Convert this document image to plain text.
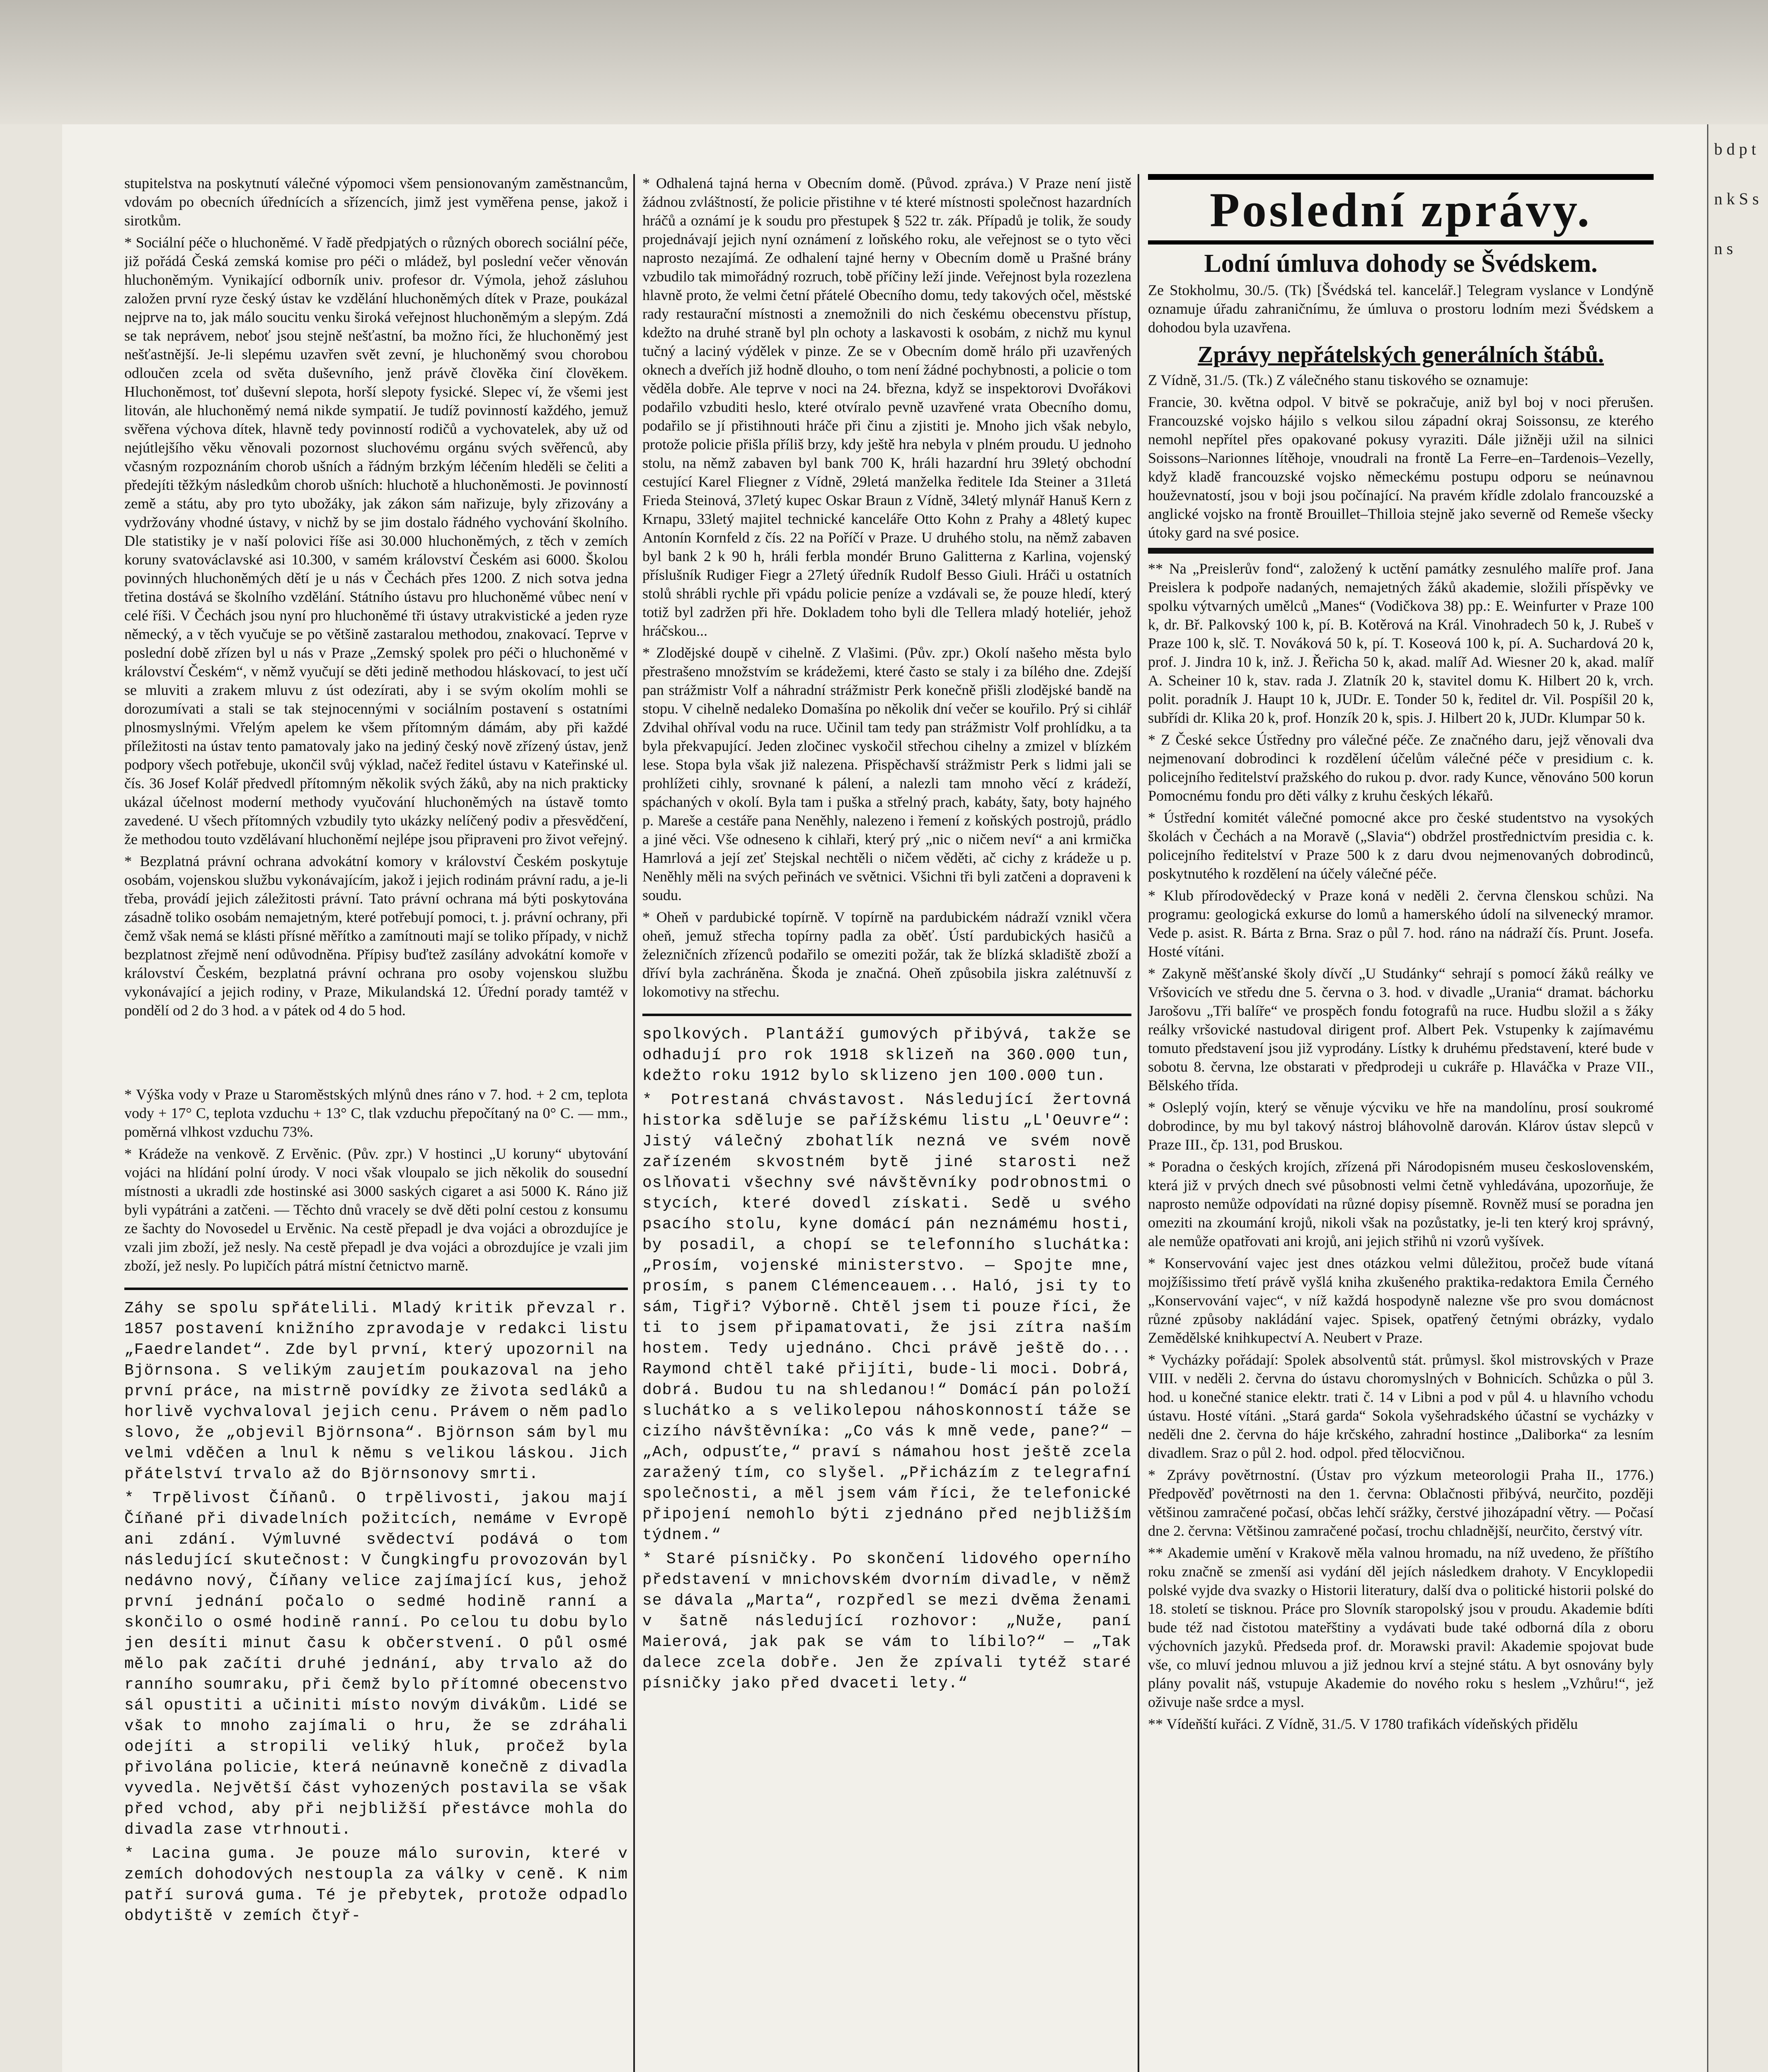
stupitelstva na poskytnutí válečné výpomoci všem pensionovaným zaměstnancům, vdovám po obecních úřednících a sřízencích, jimž jest vyměřena pense, jakož i sirotkům.

* Sociální péče o hluchoněmé. V řadě předpjatých o různých oborech sociální péče, již pořádá Česká zemská komise pro péči o mládež, byl poslední večer věnován hluchoněmým. Vynikající odborník univ. profesor dr. Výmola, jehož zásluhou založen první ryze český ústav ke vzdělání hluchoněmých dítek v Praze, poukázal nejprve na to, jak málo soucitu venku široká veřejnost hluchoněmým a slepým. Zdá se tak neprávem, neboť jsou stejně nešťastní, ba možno říci, že hluchoněmý jest nešťastnější. Je-li slepému uzavřen svět zevní, je hluchoněmý svou chorobou odloučen zcela od světa duševního, jenž právě člověka činí člověkem. Hluchoněmost, toť duševní slepota, horší slepoty fysické. Slepec ví, že všemi jest litován, ale hluchoněmý nemá nikde sympatií. Je tudíž povinností každého, jemuž svěřena výchova dítek, hlavně tedy povinností rodičů a vychovatelek, aby už od nejútlejšího věku věnovali pozornost sluchovému orgánu svých svěřenců, aby včasným rozpoznáním chorob ušních a řádným brzkým léčením hleděli se čeliti a předejíti těžkým následkům chorob ušních: hluchotě a hluchoněmosti. Je povinností země a státu, aby pro tyto ubožáky, jak zákon sám nařizuje, byly zřizovány a vydržovány vhodné ústavy, v nichž by se jim dostalo řádného vychování školního. Dle statistiky je v naší polovici říše asi 30.000 hluchoněmých, z těch v zemích koruny svatováclavské asi 10.300, v samém království Českém asi 6000. Školou povinných hluchoněmých dětí je u nás v Čechách přes 1200. Z nich sotva jedna třetina dostává se školního vzdělání. Státního ústavu pro hluchoněmé vůbec není v celé říši. V Čechách jsou nyní pro hluchoněmé tři ústavy utrakvistické a jeden ryze německý, a v těch vyučuje se po většině zastaralou methodou, znakovací. Teprve v poslední době zřízen byl u nás v Praze „Zemský spolek pro péči o hluchoněmé v království Českém“, v němž vyučují se děti jedině methodou hláskovací, to jest učí se mluviti a zrakem mluvu z úst odezírati, aby i se svým okolím mohli se dorozumívati a stali se tak stejnocennými v sociálním postavení s ostatními plnosmyslnými. Vřelým apelem ke všem přítomným dámám, aby při každé příležitosti na ústav tento pamatovaly jako na jediný český nově zřízený ústav, jenž podpory všech potřebuje, ukončil svůj výklad, načež ředitel ústavu v Kateřinské ul. čís. 36 Josef Kolář předvedl přítomným několik svých žáků, aby na nich prakticky ukázal účelnost moderní methody vyučování hluchoněmých na ústavě tomto zavedené. U všech přítomných vzbudily tyto ukázky nelíčený podiv a přesvědčení, že methodou touto vzdělávaní hluchoněmí nejlépe jsou připraveni pro život veřejný.

* Bezplatná právní ochrana advokátní komory v království Českém poskytuje osobám, vojenskou službu vykonávajícím, jakož i jejich rodinám právní radu, a je-li třeba, provádí jejich záležitosti právní. Tato právní ochrana má býti poskytována zásadně toliko osobám nemajetným, které potřebují pomoci, t. j. právní ochrany, při čemž však nemá se klásti přísné měřítko a zamítnouti mají se toliko případy, v nichž bezplatnost zřejmě není odůvodněna. Přípisy buďtež zasílány advokátní komoře v království Českém, bezplatná právní ochrana pro osoby vojenskou službu vykonávající a jejich rodiny, v Praze, Mikulandská 12. Úřední porady tamtéž v pondělí od 2 do 3 hod. a v pátek od 4 do 5 hod.

* Výška vody v Praze u Staroměstských mlýnů dnes ráno v 7. hod. + 2 cm, teplota vody + 17° C, teplota vzduchu + 13° C, tlak vzduchu přepočítaný na 0° C. — mm., poměrná vlhkost vzduchu 73%.

* Krádeže na venkově. Z Ervěnic. (Pův. zpr.) V hostinci „U koruny“ ubytování vojáci na hlídání polní úrody. V noci však vloupalo se jich několik do sousední místnosti a ukradli zde hostinské asi 3000 saských cigaret a asi 5000 K. Ráno již byli vypátráni a zatčeni. — Těchto dnů vracely se dvě děti polní cestou z konsumu ze šachty do Novosedel u Ervěnic. Na cestě přepadl je dva vojáci a obrozdujíce je vzali jim zboží, jež nesly. Na cestě přepadl je dva vojáci a obrozdujíce je vzali jim zboží, jež nesly. Po lupičích pátrá místní četnictvo marně.

Záhy se spolu spřátelili. Mladý kritik převzal r. 1857 postavení knižního zpravodaje v redakci listu „Faedrelandet“. Zde byl první, který upozornil na Björnsona. S velikým zaujetím poukazoval na jeho první práce, na mistrně povídky ze života sedláků a horlivě vychvaloval jejich cenu. Právem o něm padlo slovo, že „objevil Björnsona“. Björnson sám byl mu velmi vděčen a lnul k němu s velikou láskou. Jich přátelství trvalo až do Björnsonovy smrti.

* Trpělivost Číňanů. O trpělivosti, jakou mají Číňané při divadelních požitcích, nemáme v Evropě ani zdání. Výmluvné svědectví podává o tom následující skutečnost: V Čungkingfu provozován byl nedávno nový, Číňany velice zajímající kus, jehož první jednání počalo o sedmé hodině ranní a skončilo o osmé hodině ranní. Po celou tu dobu bylo jen desíti minut času k občerstvení. O půl osmé mělo pak začíti druhé jednání, aby trvalo až do ranního soumraku, při čemž bylo přítomné obecenstvo sál opustiti a učiniti místo novým divákům. Lidé se však to mnoho zajímali o hru, že se zdráhali odejíti a stropili veliký hluk, pročež byla přivolána policie, která neúnavně konečně z divadla vyvedla. Největší část vyhozených postavila se však před vchod, aby při nejbližší přestávce mohla do divadla zase vtrhnouti.

* Lacina guma. Je pouze málo surovin, které v zemích dohodových nestoupla za války v ceně. K nim patří surová guma. Té je přebytek, protože odpadlo obdytiště v zemích čtyř-

* Odhalená tajná herna v Obecním domě. (Původ. zpráva.) V Praze není jistě žádnou zvláštností, že policie přistihne v té které místnosti společnost hazardních hráčů a oznámí je k soudu pro přestupek § 522 tr. zák. Případů je tolik, že soudy projednávají jejich nyní oznámení z loňského roku, ale veřejnost se o tyto věci naprosto nezajímá. Ze odhalení tajné herny v Obecním domě u Prašné brány vzbudilo tak mimořádný rozruch, tobě příčiny leží jinde. Veřejnost byla rozezlena hlavně proto, že velmi četní přátelé Obecního domu, tedy takových očel, městské rady restaurační místnosti a znemožnili do nich českému obecenstvu přístup, kdežto na druhé straně byl pln ochoty a laskavosti k osobám, z nichž mu kynul tučný a laciný výdělek v pinze. Ze se v Obecním domě hrálo při uzavřených oknech a dveřích již hodně dlouho, o tom není žádné pochybnosti, a policie o tom věděla dobře. Ale teprve v noci na 24. března, když se inspektorovi Dvořákovi podařilo vzbuditi heslo, které otvíralo pevně uzavřené vrata Obecního domu, podařilo se jí přistihnouti hráče při činu a zjistiti je. Mnoho jich však nebylo, protože policie přišla příliš brzy, kdy ještě hra nebyla v plném proudu. U jednoho stolu, na němž zabaven byl bank 700 K, hráli hazardní hru 39letý obchodní cestující Karel Fliegner z Vídně, 29letá manželka ředitele Ida Steiner a 31letá Frieda Steinová, 37letý kupec Oskar Braun z Vídně, 34letý mlynář Hanuš Kern z Krnapu, 33letý majitel technické kanceláře Otto Kohn z Prahy a 48letý kupec Antonín Kornfeld z čís. 22 na Poříčí v Praze. U druhého stolu, na němž zabaven byl bank 2 k 90 h, hráli ferbla mondér Bruno Galitterna z Karlina, vojenský příslušník Rudiger Fiegr a 27letý úředník Rudolf Besso Giuli. Hráči u ostatních stolů shrábli rychle při vpádu policie peníze a vzdávali se, že pouze hledí, který totiž byl zadržen při hře. Dokladem toho byli dle Tellera mladý hoteliér, jehož hráčskou...

* Zlodějské doupě v cihelně. Z Vlašimi. (Pův. zpr.) Okolí našeho města bylo přestrašeno množstvím se krádežemi, které často se staly i za bílého dne. Zdejší pan strážmistr Volf a náhradní strážmistr Perk konečně přišli zlodějské bandě na stopu. V cihelně nedaleko Domašína po několik dní večer se kouřilo. Prý si cihlář Zdvihal ohříval vodu na ruce. Učinil tam tedy pan strážmistr Volf prohlídku, a ta byla překvapující. Jeden zločinec vyskočil střechou cihelny a zmizel v blízkém lese. Stopa byla však již nalezena. Přispěchavší strážmistr Perk s lidmi jali se prohlížeti cihly, srovnané k pálení, a nalezli tam mnoho věcí z krádeží, spáchaných v okolí. Byla tam i puška a střelný prach, kabáty, šaty, boty hajného p. Mareše a cestáře pana Neněhly, nalezeno i řemení z koňských postrojů, prádlo a jiné věci. Vše odneseno k cihlaři, který prý „nic o ničem neví“ a ani krmička Hamrlová a její zeť Stejskal nechtěli o ničem věděti, ač cichy z krádeže u p. Neněhly měli na svých peřinách ve světnici. Všichni tři byli zatčeni a dopraveni k soudu.

* Oheň v pardubické topírně. V topírně na pardubickém nádraží vznikl včera oheň, jemuž střecha topírny padla za oběť. Ústí pardubických hasičů a železničních zřízenců podařilo se omeziti požár, tak že blízká skladiště zboží a dříví byla zachráněna. Škoda je značná. Oheň způsobila jiskra zalétnuvší z lokomotivy na střechu.

spolkových. Plantáží gumových přibývá, takže se odhadují pro rok 1918 sklizeň na 360.000 tun, kdežto roku 1912 bylo sklizeno jen 100.000 tun.

* Potrestaná chvástavost. Následující žertovná historka sděluje se pařížskému listu „L'Oeuvre“: Jistý válečný zbohatlík nezná ve svém nově zařízeném skvostném bytě jiné starosti než oslňovati všechny své návštěvníky podrobnostmi o stycích, které dovedl získati. Sedě u svého psacího stolu, kyne domácí pán neznámému hosti, by posadil, a chopí se telefonního sluchátka: „Prosím, vojenské ministerstvo. — Spojte mne, prosím, s panem Clémenceauem... Haló, jsi ty to sám, Tigři? Výborně. Chtěl jsem ti pouze říci, že ti to jsem připamatovati, že jsi zítra naším hostem. Tedy ujednáno. Chci právě ještě do... Raymond chtěl také přijíti, bude-li moci. Dobrá, dobrá. Budou tu na shledanou!“ Domácí pán položí sluchátko a s velikolepou náhoskonností táže se cizího návštěvníka: „Co vás k mně vede, pane?“ — „Ach, odpusťte,“ praví s námahou host ještě zcela zaražený tím, co slyšel. „Přicházím z telegrafní společnosti, a měl jsem vám říci, že telefonické připojení nemohlo býti zjednáno před nejbližším týdnem.“

* Staré písničky. Po skončení lidového operního představení v mnichovském dvorním divadle, v němž se dávala „Marta“, rozpředl se mezi dvěma ženami v šatně následující rozhovor: „Nuže, paní Maierová, jak pak se vám to líbilo?“ — „Tak dalece zcela dobře. Jen že zpívali tytéž staré písničky jako před dvaceti lety.“

Poslední zprávy.
Lodní úmluva dohody se Švédskem.

Ze Stokholmu, 30./5. (Tk) [Švédská tel. kancelář.] Telegram vyslance v Londýně oznamuje úřadu zahraničnímu, že úmluva o prostoru lodním mezi Švédskem a dohodou byla uzavřena.

Zprávy nepřátelských generálních štábů.

Z Vídně, 31./5. (Tk.) Z válečného stanu tiskového se oznamuje:

Francie, 30. května odpol. V bitvě se pokračuje, aniž byl boj v noci přerušen. Francouzské vojsko hájilo s velkou silou západní okraj Soissonsu, ze kterého nemohl nepřítel přes opakované pokusy vyraziti. Dále jižněji užil na silnici Soissons–Narionnes lítěhoje, vnoudrali na frontě La Ferre–en–Tardenois–Vezelly, když kladě francouzské vojsko německému postupu odporu se neúnavnou houževnatostí, jsou v boji jsou počínající. Na pravém křídle zdolalo francouzské a anglické vojsko na frontě Brouillet–Thilloia stejně jako severně od Remeše všecky útoky gard na své posice.

** Na „Preislerův fond“, založený k uctění památky zesnulého malíře prof. Jana Preislera k podpoře nadaných, nemajetných žáků akademie, složili příspěvky ve spolku výtvarných umělců „Manes“ (Vodičkova 38) pp.: E. Weinfurter v Praze 100 k, dr. Bř. Palkovský 100 k, pí. B. Kotěrová na Král. Vinohradech 50 k, J. Rubeš v Praze 100 k, slč. T. Nováková 50 k, pí. T. Koseová 100 k, pí. A. Suchardová 20 k, prof. J. Jindra 10 k, inž. J. Řeřicha 50 k, akad. malíř Ad. Wiesner 20 k, akad. malíř A. Scheiner 10 k, stav. rada J. Zlatník 20 k, stavitel domu K. Hilbert 20 k, vrch. polit. poradník J. Haupt 10 k, JUDr. E. Tonder 50 k, ředitel dr. Vil. Pospíšil 20 k, subřídi dr. Klika 20 k, prof. Honzík 20 k, spis. J. Hilbert 20 k, JUDr. Klumpar 50 k.

* Z České sekce Ústředny pro válečné péče. Ze značného daru, jejž věnovali dva nejmenovaní dobrodinci k rozdělení účelům válečné péče v presidium c. k. policejního ředitelství pražského do rukou p. dvor. rady Kunce, věnováno 500 korun Pomocnému fondu pro děti války z kruhu českých lékařů.

* Ústřední komitét válečné pomocné akce pro české studentstvo na vysokých školách v Čechách a na Moravě („Slavia“) obdržel prostřednictvím presidia c. k. policejního ředitelství v Praze 500 k z daru dvou nejmenovaných dobrodinců, poskytnutého k rozdělení na účely válečné péče.

* Klub přírodovědecký v Praze koná v neděli 2. června členskou schůzi. Na programu: geologická exkurse do lomů a hamerského údolí na silvenecký mramor. Vede p. asist. R. Bárta z Brna. Sraz o půl 7. hod. ráno na nádraží čís. Prunt. Josefa. Hosté vítáni.

* Zakyně měšťanské školy dívčí „U Studánky“ sehrají s pomocí žáků reálky ve Vršovicích ve středu dne 5. června o 3. hod. v divadle „Urania“ dramat. báchorku Jarošovu „Tři balíře“ ve prospěch fondu fotografů na ruce. Hudbu složil a s žáky reálky vršovické nastudoval dirigent prof. Albert Pek. Vstupenky k zajímavému tomuto představení jsou již vyprodány. Lístky k druhému představení, které bude v sobotu 8. června, lze obstarati v předprodeji u cukráře p. Hlaváčka v Praze VII., Bělského třída.

* Osleplý vojín, který se věnuje výcviku ve hře na mandolínu, prosí soukromé dobrodince, by mu byl takový nástroj bláhovolně darován. Klárov ústav slepců v Praze III., čp. 131, pod Bruskou.

* Poradna o českých krojích, zřízená při Národopisném museu československém, která již v prvých dnech své působnosti velmi četně vyhledávána, upozorňuje, že naprosto nemůže odpovídati na různé dopisy písemně. Rovněž musí se poradna jen omeziti na zkoumání krojů, nikoli však na pozůstatky, je-li ten který kroj správný, ale nemůže opatřovati ani krojů, ani jejich střihů ni vzorů vyšívek.

* Konservování vajec jest dnes otázkou velmi důležitou, pročež bude vítaná mojžíšissimo třetí právě vyšlá kniha zkušeného praktika-redaktora Emila Černého „Konservování vajec“, v níž každá hospodyně nalezne vše pro svou domácnost různé způsoby nakládání vajec. Spisek, opatřený četnými obrázky, vydalo Zemědělské knihkupectví A. Neubert v Praze.

* Vycházky pořádají: Spolek absolventů stát. průmysl. škol mistrovských v Praze VIII. v neděli 2. června do ústavu choromyslných v Bohnicích. Schůzka o půl 3. hod. u konečné stanice elektr. trati č. 14 v Libni a pod v půl 4. u hlavního vchodu ústavu. Hosté vítáni. „Stará garda“ Sokola vyšehradského účastní se vycházky v neděli dne 2. června do háje krčského, zahradní hostince „Daliborka“ za lesním divadlem. Sraz o půl 2. hod. odpol. před tělocvičnou.

* Zprávy povětrnostní. (Ústav pro výzkum meteorologii Praha II., 1776.) Předpověď povětrnosti na den 1. června: Oblačnosti přibývá, neurčito, později většinou zamračené počasí, občas lehčí srážky, čerstvé jihozápadní větry. — Počasí dne 2. června: Většinou zamračené počasí, trochu chladnější, neurčito, čerstvý vítr.

** Akademie umění v Krakově měla valnou hromadu, na níž uvedeno, že příštího roku značně se zmenší asi vydání děl jejích následkem drahoty. V Encyklopedii polské vyjde dva svazky o Historii literatury, další dva o politické historii polské do 18. století se tisknou. Práce pro Slovník staropolský jsou v proudu. Akademie bdíti bude též nad čistotou mateřštiny a vydávati bude také odborná díla z oboru výchovních jazyků. Předseda prof. dr. Morawski pravil: Akademie spojovat bude vše, co mluví jednou mluvou a již jednou krví a stejné státu. A byt osnovány byly plány povalit náš, vstupuje Akademie do nového roku s heslem „Vzhůru!“, jež oživuje naše srdce a mysl.

** Vídeňští kuřáci. Z Vídně, 31./5. V 1780 trafikách vídeňských přidělu

b d p t n k S s n s
